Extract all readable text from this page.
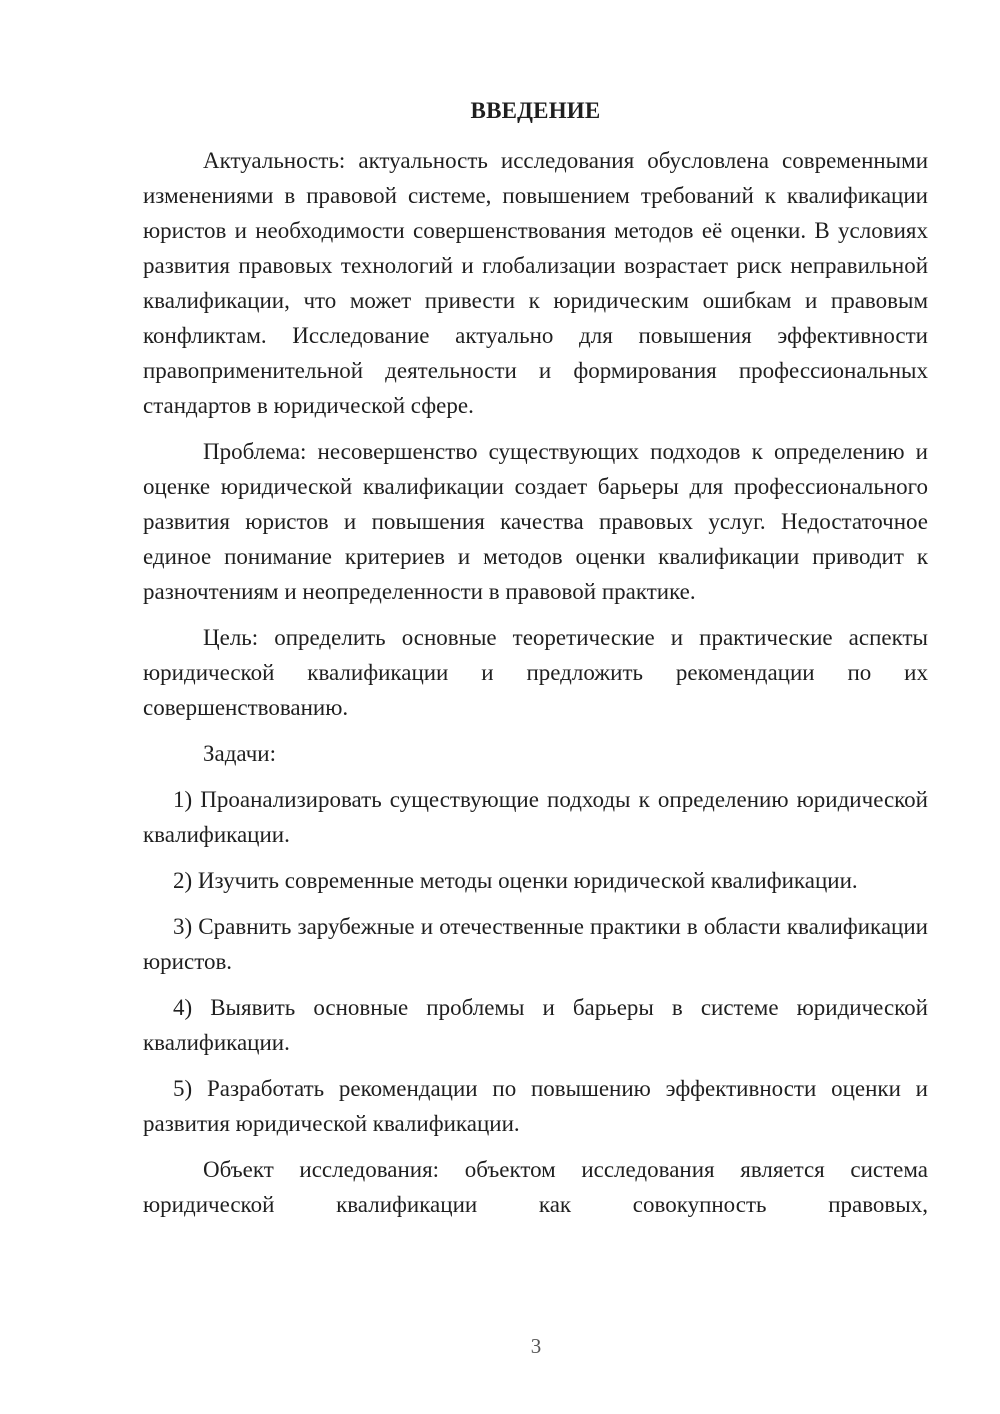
ВВЕДЕНИЕ

Актуальность: актуальность исследования обусловлена современными изменениями в правовой системе, повышением требований к квалификации юристов и необходимости совершенствования методов её оценки. В условиях развития правовых технологий и глобализации возрастает риск неправильной квалификации, что может привести к юридическим ошибкам и правовым конфликтам. Исследование актуально для повышения эффективности правоприменительной деятельности и формирования профессиональных стандартов в юридической сфере.

Проблема: несовершенство существующих подходов к определению и оценке юридической квалификации создает барьеры для профессионального развития юристов и повышения качества правовых услуг. Недостаточное единое понимание критериев и методов оценки квалификации приводит к разночтениям и неопределенности в правовой практике.

Цель: определить основные теоретические и практические аспекты юридической квалификации и предложить рекомендации по их совершенствованию.

Задачи:

1) Проанализировать существующие подходы к определению юридической квалификации.

2) Изучить современные методы оценки юридической квалификации.

3) Сравнить зарубежные и отечественные практики в области квалификации юристов.

4) Выявить основные проблемы и барьеры в системе юридической квалификации.

5) Разработать рекомендации по повышению эффективности оценки и развития юридической квалификации.

Объект исследования: объектом исследования является система юридической квалификации как совокупность правовых,

3
